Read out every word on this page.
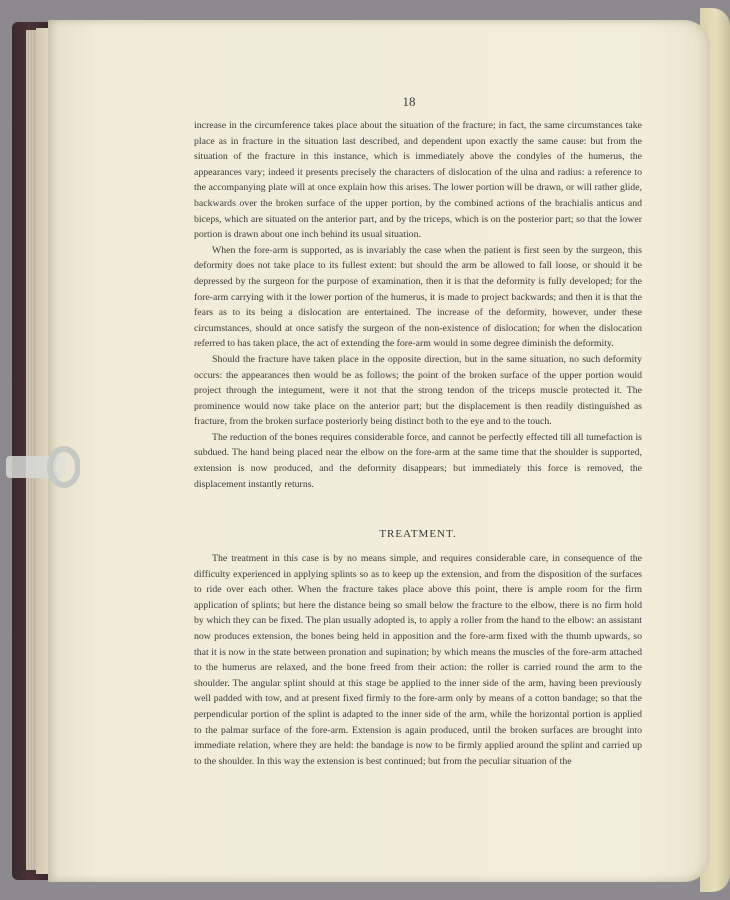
18

increase in the circumference takes place about the situation of the fracture; in fact, the same circumstances take place as in fracture in the situation last described, and dependent upon exactly the same cause: but from the situation of the fracture in this instance, which is immediately above the condyles of the humerus, the appearances vary; indeed it presents precisely the characters of dislocation of the ulna and radius: a reference to the accompanying plate will at once explain how this arises. The lower portion will be drawn, or will rather glide, backwards over the broken surface of the upper portion, by the combined actions of the brachialis anticus and biceps, which are situated on the anterior part, and by the triceps, which is on the posterior part; so that the lower portion is drawn about one inch behind its usual situation.

When the fore-arm is supported, as is invariably the case when the patient is first seen by the surgeon, this deformity does not take place to its fullest extent: but should the arm be allowed to fall loose, or should it be depressed by the surgeon for the purpose of examination, then it is that the deformity is fully developed; for the fore-arm carrying with it the lower portion of the humerus, it is made to project backwards; and then it is that the fears as to its being a dislocation are entertained. The increase of the deformity, however, under these circumstances, should at once satisfy the surgeon of the non-existence of dislocation; for when the dislocation referred to has taken place, the act of extending the fore-arm would in some degree diminish the deformity.

Should the fracture have taken place in the opposite direction, but in the same situation, no such deformity occurs: the appearances then would be as follows; the point of the broken surface of the upper portion would project through the integument, were it not that the strong tendon of the triceps muscle protected it. The prominence would now take place on the anterior part; but the displacement is then readily distinguished as fracture, from the broken surface posteriorly being distinct both to the eye and to the touch.

The reduction of the bones requires considerable force, and cannot be perfectly effected till all tumefaction is subdued. The hand being placed near the elbow on the fore-arm at the same time that the shoulder is supported, extension is now produced, and the deformity disappears; but immediately this force is removed, the displacement instantly returns.

TREATMENT.

The treatment in this case is by no means simple, and requires considerable care, in consequence of the difficulty experienced in applying splints so as to keep up the extension, and from the disposition of the surfaces to ride over each other. When the fracture takes place above this point, there is ample room for the firm application of splints; but here the distance being so small below the fracture to the elbow, there is no firm hold by which they can be fixed. The plan usually adopted is, to apply a roller from the hand to the elbow: an assistant now produces extension, the bones being held in apposition and the fore-arm fixed with the thumb upwards, so that it is now in the state between pronation and supination; by which means the muscles of the fore-arm attached to the humerus are relaxed, and the bone freed from their action: the roller is carried round the arm to the shoulder. The angular splint should at this stage be applied to the inner side of the arm, having been previously well padded with tow, and at present fixed firmly to the fore-arm only by means of a cotton bandage; so that the perpendicular portion of the splint is adapted to the inner side of the arm, while the horizontal portion is applied to the palmar surface of the fore-arm. Extension is again produced, until the broken surfaces are brought into immediate relation, where they are held: the bandage is now to be firmly applied around the splint and carried up to the shoulder. In this way the extension is best continued; but from the peculiar situation of the
